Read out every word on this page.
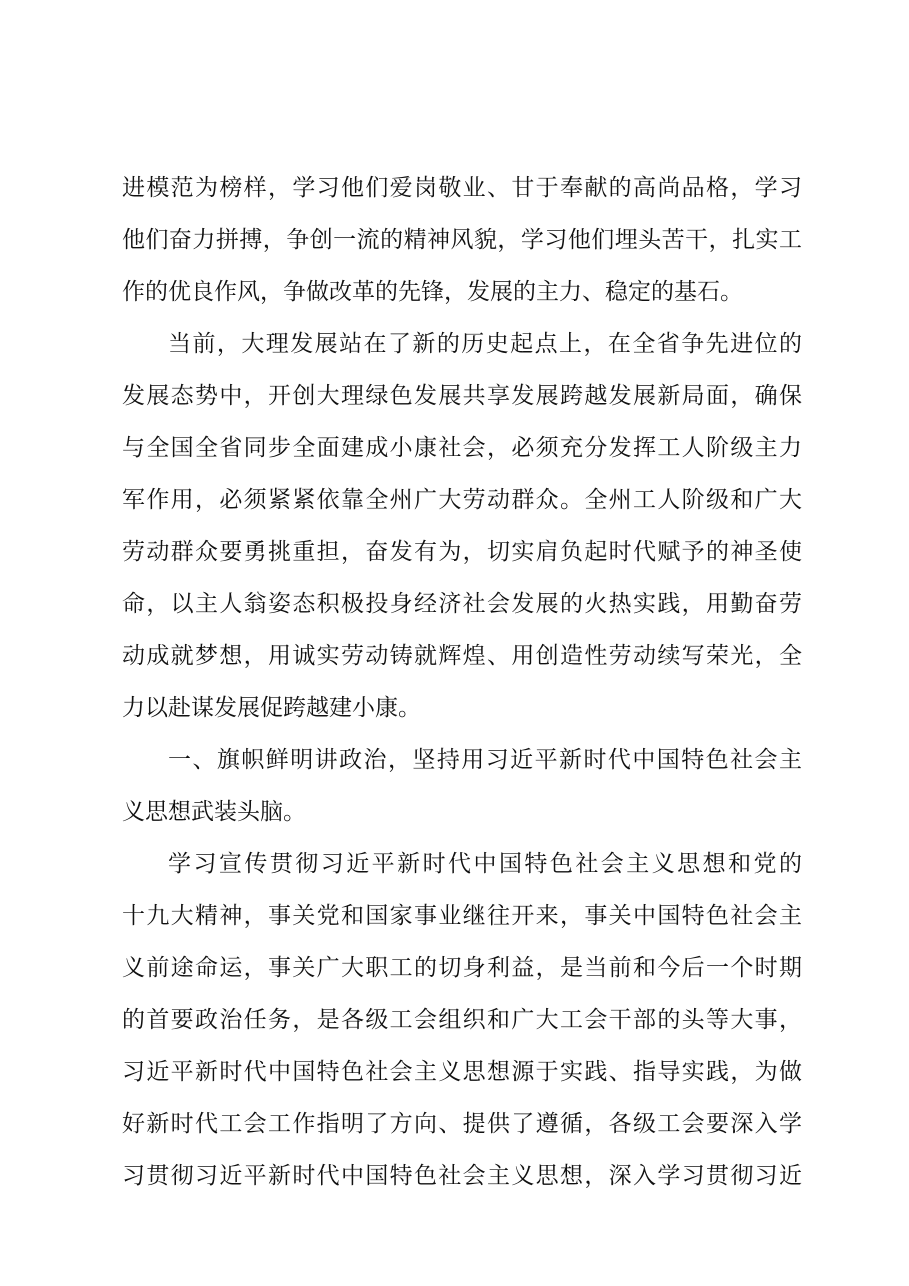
进模范为榜样，学习他们爱岗敬业、甘于奉献的高尚品格，学习
他们奋力拼搏，争创一流的精神风貌，学习他们埋头苦干，扎实工
作的优良作风，争做改革的先锋，发展的主力、稳定的基石。
当前，大理发展站在了新的历史起点上，在全省争先进位的
发展态势中，开创大理绿色发展共享发展跨越发展新局面，确保
与全国全省同步全面建成小康社会，必须充分发挥工人阶级主力
军作用，必须紧紧依靠全州广大劳动群众。全州工人阶级和广大
劳动群众要勇挑重担，奋发有为，切实肩负起时代赋予的神圣使
命，以主人翁姿态积极投身经济社会发展的火热实践，用勤奋劳
动成就梦想，用诚实劳动铸就辉煌、用创造性劳动续写荣光，全
力以赴谋发展促跨越建小康。
一、旗帜鲜明讲政治，坚持用习近平新时代中国特色社会主
义思想武装头脑。
学习宣传贯彻习近平新时代中国特色社会主义思想和党的
十九大精神，事关党和国家事业继往开来，事关中国特色社会主
义前途命运，事关广大职工的切身利益，是当前和今后一个时期
的首要政治任务，是各级工会组织和广大工会干部的头等大事，
习近平新时代中国特色社会主义思想源于实践、指导实践，为做
好新时代工会工作指明了方向、提供了遵循，各级工会要深入学
习贯彻习近平新时代中国特色社会主义思想，深入学习贯彻习近
